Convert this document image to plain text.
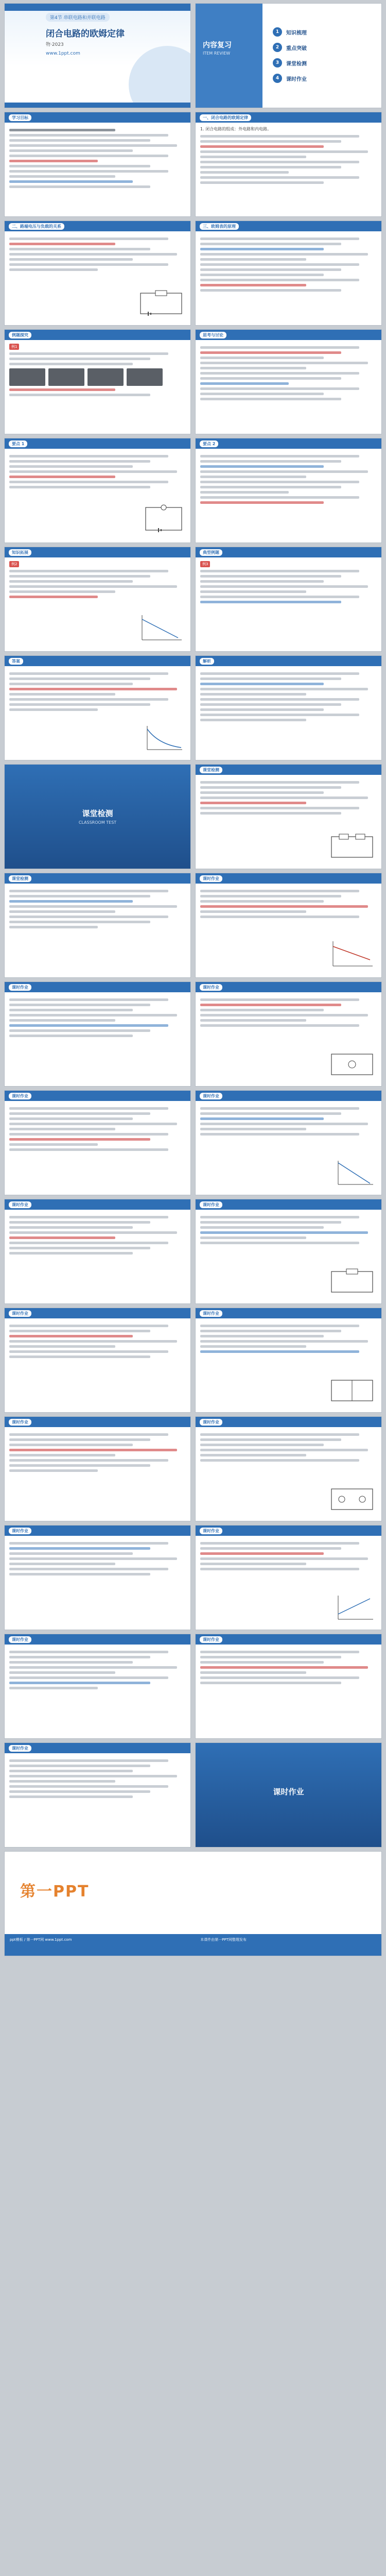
第4节 串联电路和并联电路
闭合电路的欧姆定律
物·2023
www.1ppt.com
内容复习
ITEM REVIEW
1	知识梳理
2	重点突破
3	课堂检测
4	课时作业
学习目标	一、闭合电路的欧姆定律
1. 闭合电路的组成：外电路和内电路。
二、路端电压与负载的关系	三、欧姆表的原理
例题探究
例1
思考与讨论
要点 1	要点 2
知识拓展
例2
典型例题
例3
答案	解析
课堂检测
CLASSROOM TEST
课堂检测
课堂检测	课时作业
课时作业	课时作业
课时作业	课时作业
课时作业	课时作业
课时作业	课时作业
课时作业	课时作业
课时作业	课时作业
课时作业	课时作业
课时作业
课时作业
第一PPT
ppt模板 / 第一PPT网 www.1ppt.com	本课件由第一PPT网整理发布
